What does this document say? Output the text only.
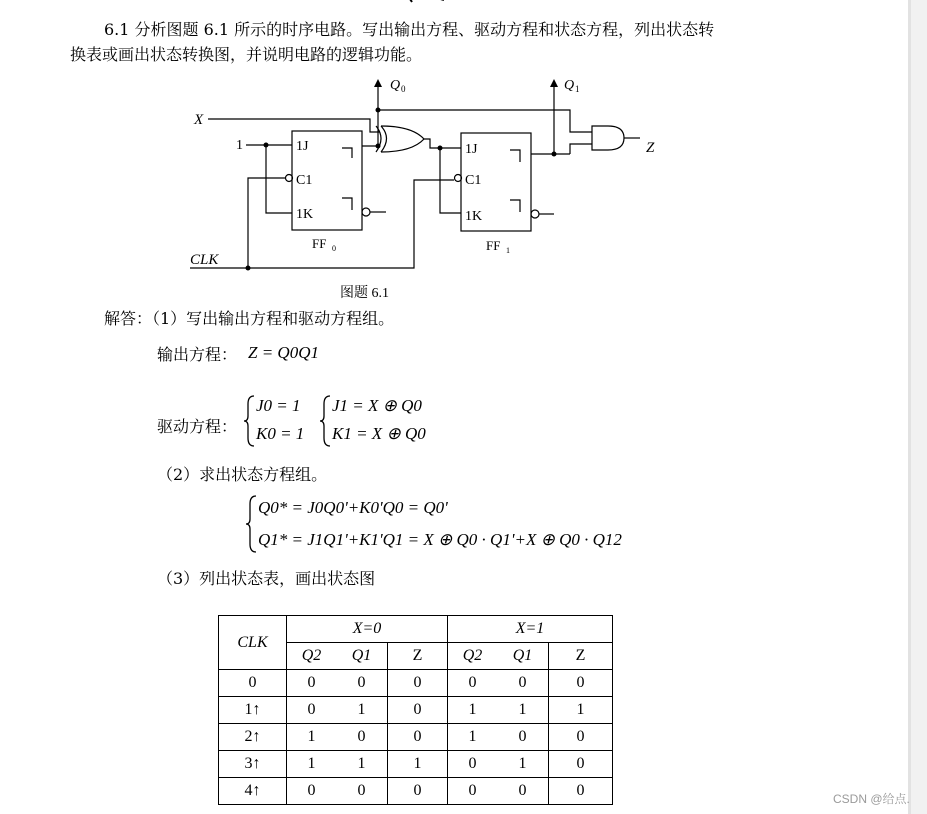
6.1 分析图题 6.1 所示的时序电路。写出输出方程、驱动方程和状态方程，列出状态转
换表或画出状态转换图，并说明电路的逻辑功能。
X
1
CLK
Q 0	Q 1
Z
1J
C1
1K
FF 0
1J
C1
1K
FF 1
图题 6.1
解答：（1）写出输出方程和驱动方程组。
输出方程： Z = Q0Q1
驱动方程：
J0 = 1
K0 = 1
J1 = X ⊕ Q0
K1 = X ⊕ Q0
（2）求出状态方程组。
Q0* = J0Q0'+K0'Q0 = Q0'
Q1* = J1Q1'+K1'Q1 = X ⊕ Q0 · Q1'+X ⊕ Q0 · Q12
（3）列出状态表，画出状态图
CLK	X=0			X=1		
	Q2	Q1	Z	Q2	Q1	Z
0	0	0	0	0	0	0
1↑	0	1	0	1	1	1
2↑	1	0	0	1	0	0
3↑	1	1	1	0	1	0
4↑	0	0	0	0	0	0	CSDN @给点.
